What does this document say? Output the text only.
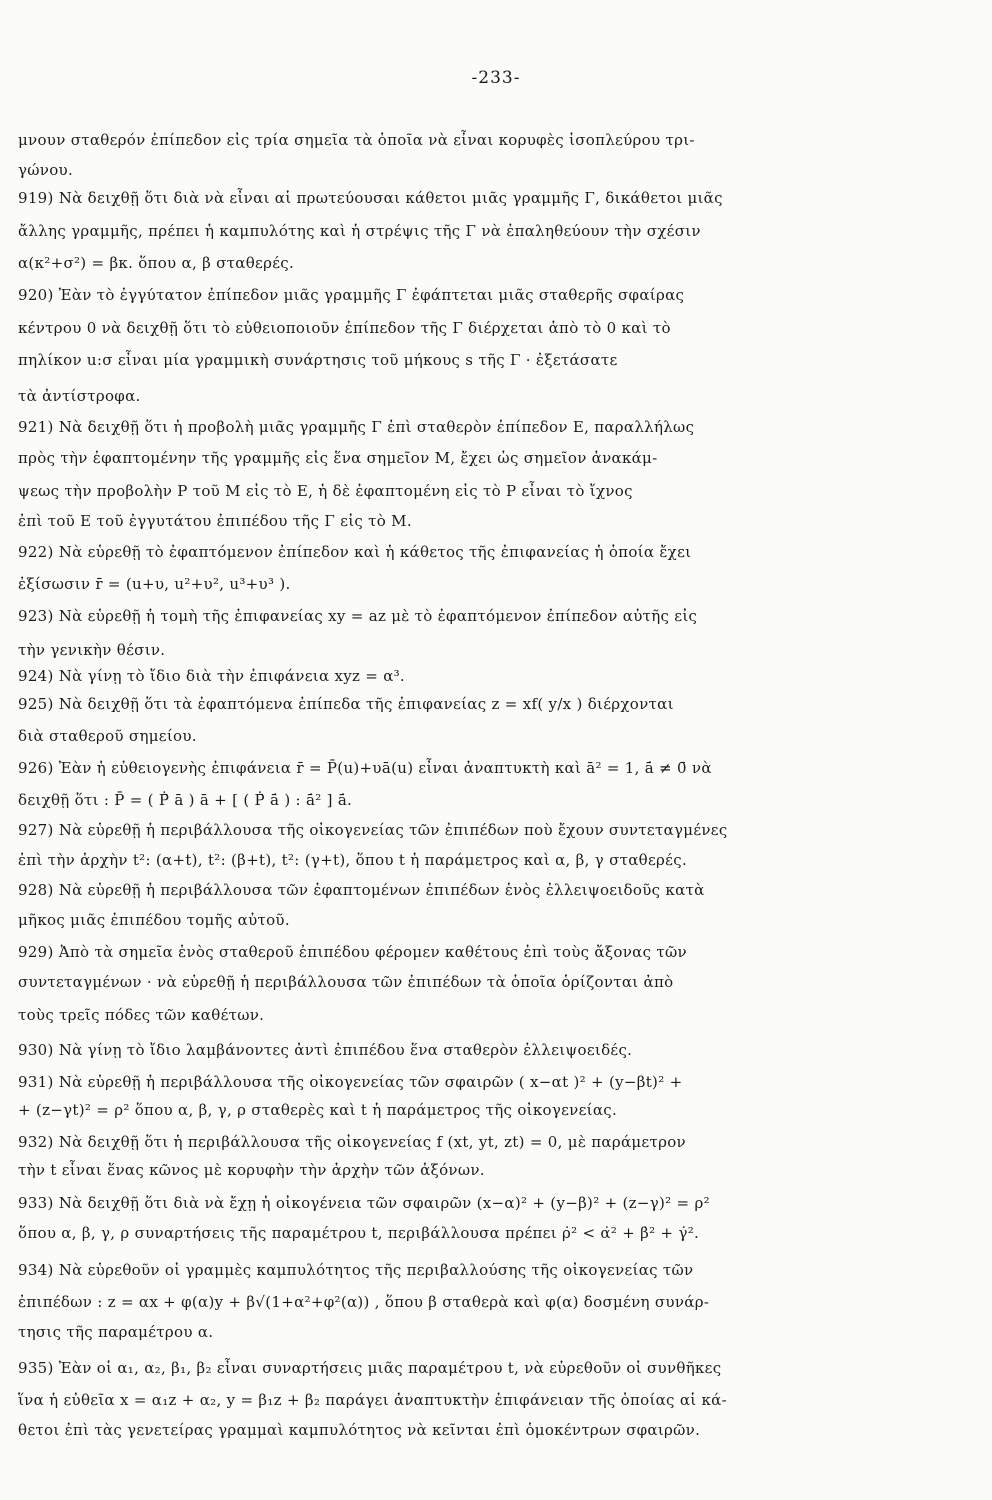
-233-
μνουν σταθερόν ἐπίπεδον εἰς τρία σημεῖα τὰ ὁποῖα νὰ εἶναι κορυφὲς ἰσοπλεύρου τρι-
γώνου.
919) Νὰ δειχθῇ ὅτι διὰ νὰ εἶναι αἱ πρωτεύουσαι κάθετοι μιᾶς γραμμῆς Γ, δικάθετοι μιᾶς
ἄλλης γραμμῆς, πρέπει ἡ καμπυλότης καὶ ἡ στρέψις τῆς Γ νὰ ἐπαληθεύουν τὴν σχέσιν
α(κ²+σ²) = βκ. ὅπου α, β σταθερές.
920) Ἐὰν τὸ ἐγγύτατον ἐπίπεδον μιᾶς γραμμῆς Γ ἐφάπτεται μιᾶς σταθερῆς σφαίρας
κέντρου 0 νὰ δειχθῇ ὅτι τὸ εὐθειοποιοῦν ἐπίπεδον τῆς Γ διέρχεται ἀπὸ τὸ 0 καὶ τὸ
πηλίκον u:σ εἶναι μία γραμμικὴ συνάρτησις τοῦ μήκους s τῆς Γ · ἐξετάσατε
τὰ ἀντίστροφα.
921) Νὰ δειχθῇ ὅτι ἡ προβολὴ μιᾶς γραμμῆς Γ ἐπὶ σταθερὸν ἐπίπεδον Ε, παραλλήλως
πρὸς τὴν ἐφαπτομένην τῆς γραμμῆς εἰς ἕνα σημεῖον Μ, ἔχει ὡς σημεῖον ἀνακάμ-
ψεως τὴν προβολὴν Ρ τοῦ Μ εἰς τὸ Ε, ἡ δὲ ἐφαπτομένη εἰς τὸ Ρ εἶναι τὸ ἴχνος
ἐπὶ τοῦ Ε τοῦ ἐγγυτάτου ἐπιπέδου τῆς Γ εἰς τὸ Μ.
922) Νὰ εὑρεθῇ τὸ ἐφαπτόμενον ἐπίπεδον καὶ ἡ κάθετος τῆς ἐπιφανείας ἡ ὁποία ἔχει
ἐξίσωσιν r̄ = (u+υ, u²+υ², u³+υ³ ).
923) Νὰ εὑρεθῇ ἡ τομὴ τῆς ἐπιφανείας xy = az μὲ τὸ ἐφαπτόμενον ἐπίπεδον αὐτῆς εἰς
τὴν γενικὴν θέσιν.
924) Νὰ γίνῃ τὸ ἴδιο διὰ τὴν ἐπιφάνεια xyz = α³.
925) Νὰ δειχθῇ ὅτι τὰ ἐφαπτόμενα ἐπίπεδα τῆς ἐπιφανείας z = xf( y/x ) διέρχονται
διὰ σταθεροῦ σημείου.
926) Ἐὰν ἡ εὐθειογενὴς ἐπιφάνεια r̄ = P̄(u)+υā(u) εἶναι ἀναπτυκτὴ καὶ ā² = 1, ā̇ ≠ 0̄ νὰ
δειχθῇ ὅτι : P̄ = ( Ṗ̄ ā ) ā + [ ( Ṗ̄ ā̇ ) : ā̇² ] ā̇.
927) Νὰ εὑρεθῇ ἡ περιβάλλουσα τῆς οἰκογενείας τῶν ἐπιπέδων ποὺ ἔχουν συντεταγμένες
ἐπὶ τὴν ἀρχὴν t²: (α+t), t²: (β+t), t²: (γ+t), ὅπου t ἡ παράμετρος καὶ α, β, γ σταθερές.
928) Νὰ εὑρεθῇ ἡ περιβάλλουσα τῶν ἐφαπτομένων ἐπιπέδων ἑνὸς ἐλλειψοειδοῦς κατὰ
μῆκος μιᾶς ἐπιπέδου τομῆς αὐτοῦ.
929) Ἀπὸ τὰ σημεῖα ἑνὸς σταθεροῦ ἐπιπέδου φέρομεν καθέτους ἐπὶ τοὺς ἄξονας τῶν
συντεταγμένων · νὰ εὑρεθῇ ἡ περιβάλλουσα τῶν ἐπιπέδων τὰ ὁποῖα ὁρίζονται ἀπὸ
τοὺς τρεῖς πόδες τῶν καθέτων.
930) Νὰ γίνῃ τὸ ἴδιο λαμβάνοντες ἀντὶ ἐπιπέδου ἕνα σταθερὸν ἐλλειψοειδές.
931) Νὰ εὑρεθῇ ἡ περιβάλλουσα τῆς οἰκογενείας τῶν σφαιρῶν ( x−αt )² + (y−βt)² +
+ (z−γt)² = ρ² ὅπου α, β, γ, ρ σταθερὲς καὶ t ἡ παράμετρος τῆς οἰκογενείας.
932) Νὰ δειχθῇ ὅτι ἡ περιβάλλουσα τῆς οἰκογενείας f (xt, yt, zt) = 0, μὲ παράμετρον
τὴν t εἶναι ἕνας κῶνος μὲ κορυφὴν τὴν ἀρχὴν τῶν ἀξόνων.
933) Νὰ δειχθῇ ὅτι διὰ νὰ ἔχῃ ἡ οἰκογένεια τῶν σφαιρῶν (x−α)² + (y−β)² + (z−γ)² = ρ²
ὅπου α, β, γ, ρ συναρτήσεις τῆς παραμέτρου t, περιβάλλουσα πρέπει ρ̇² < α̇² + β̇² + γ̇².
934) Νὰ εὑρεθοῦν οἱ γραμμὲς καμπυλότητος τῆς περιβαλλούσης τῆς οἰκογενείας τῶν
ἐπιπέδων : z = αx + φ(α)y + β√(1+α²+φ²(α)) , ὅπου β σταθερὰ καὶ φ(α) δοσμένη συνάρ-
τησις τῆς παραμέτρου α.
935) Ἐὰν οἱ α₁, α₂, β₁, β₂ εἶναι συναρτήσεις μιᾶς παραμέτρου t, νὰ εὑρεθοῦν οἱ συνθῆκες
ἵνα ἡ εὐθεῖα x = α₁z + α₂, y = β₁z + β₂ παράγει ἀναπτυκτὴν ἐπιφάνειαν τῆς ὁποίας αἱ κά-
θετοι ἐπὶ τὰς γενετείρας γραμμαὶ καμπυλότητος νὰ κεῖνται ἐπὶ ὁμοκέντρων σφαιρῶν.
